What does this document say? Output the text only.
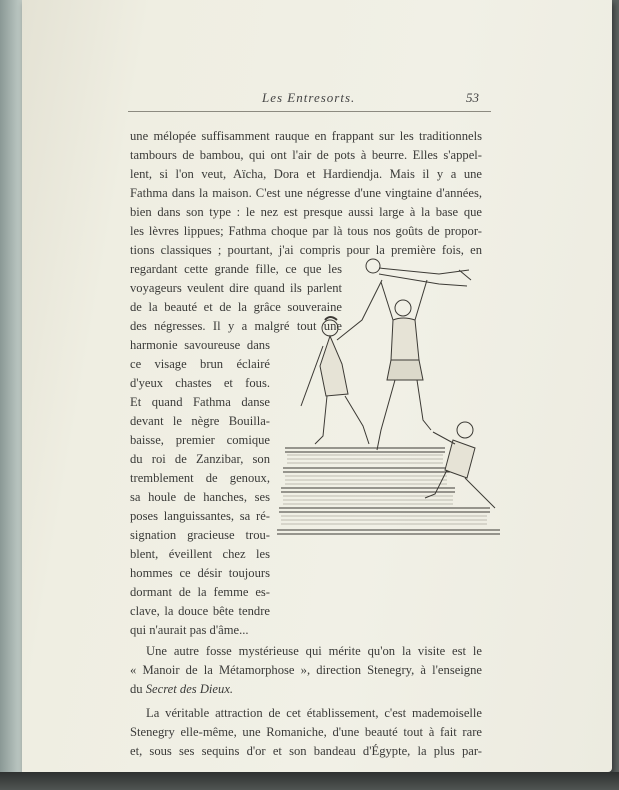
Les Entresorts.	53
une mélopée suffisamment rauque en frappant sur les traditionnels
tambours de bambou, qui ont l'air de pots à beurre. Elles s'appel-
lent, si l'on veut, Aïcha, Dora et Hardiendja. Mais il y a une
Fathma dans la maison. C'est une négresse d'une vingtaine d'années,
bien dans son type : le nez est presque aussi large à la base que
les lèvres lippues; Fathma choque par là tous nos goûts de propor-
tions classiques ; pourtant, j'ai compris pour la première fois, en
regardant cette grande fille, ce que les
voyageurs veulent dire quand ils parlent
de la beauté et de la grâce souveraine
des négresses. Il y a malgré tout une
harmonie savoureuse dans
ce visage brun éclairé
d'yeux chastes et fous.
Et quand Fathma danse
devant le nègre Bouilla-
baisse, premier comique
du roi de Zanzibar, son
tremblement de genoux,
sa houle de hanches, ses
poses languissantes, sa ré-
signation gracieuse trou-
blent, éveillent chez les
hommes ce désir toujours
dormant de la femme es-
clave, la douce bête tendre
qui n'aurait pas d'âme...
Une autre fosse mystérieuse qui mérite qu'on la visite est le
« Manoir de la Métamorphose », direction Stenegry, à l'enseigne
du Secret des Dieux.
La véritable attraction de cet établissement, c'est mademoiselle
Stenegry elle-même, une Romaniche, d'une beauté tout à fait rare
et, sous ses sequins d'or et son bandeau d'Égypte, la plus par-
